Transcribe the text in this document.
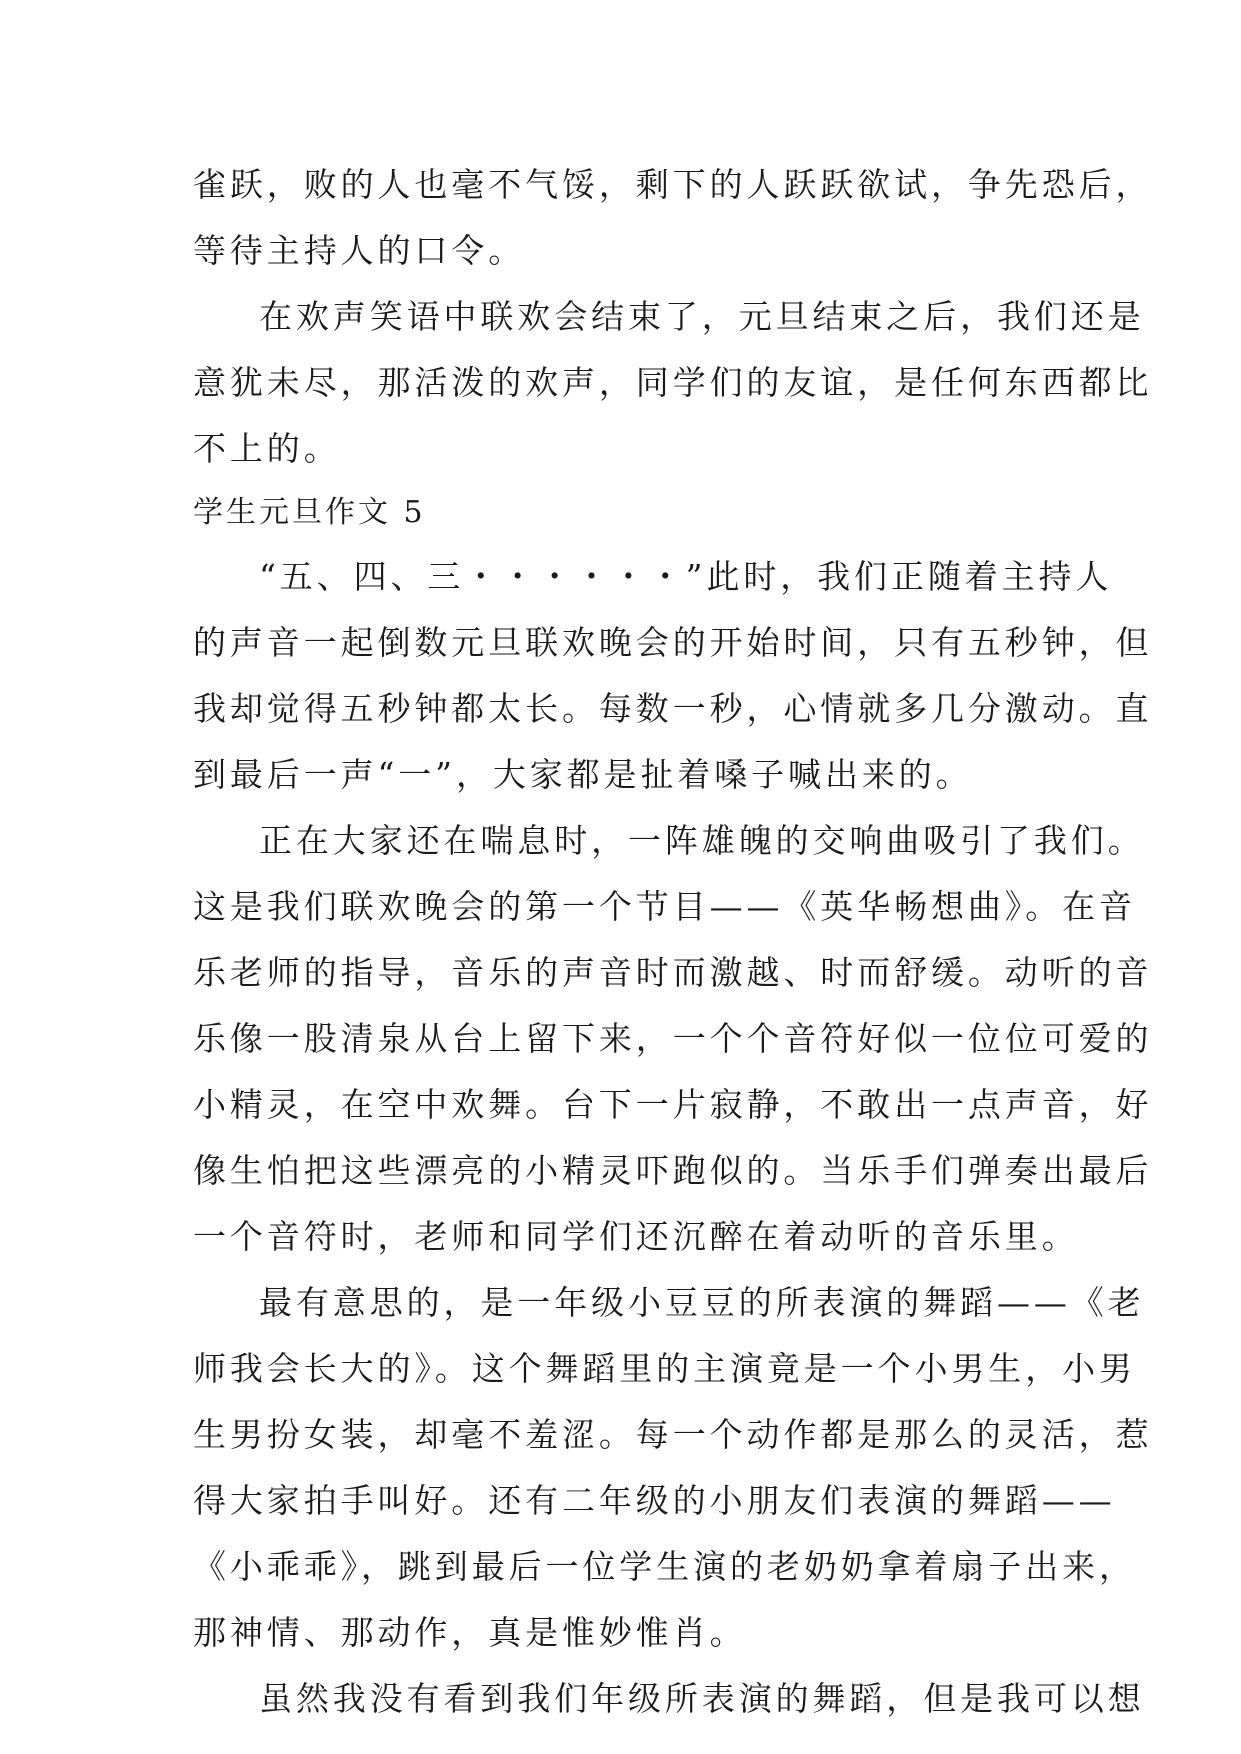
雀跃，败的人也毫不气馁，剩下的人跃跃欲试，争先恐后，
等待主持人的口令。
在欢声笑语中联欢会结束了，元旦结束之后，我们还是
意犹未尽，那活泼的欢声，同学们的友谊，是任何东西都比
不上的。
学生元旦作文 5
“五、四、三・・・・・・”此时，我们正随着主持人
的声音一起倒数元旦联欢晚会的开始时间，只有五秒钟，但
我却觉得五秒钟都太长。每数一秒，心情就多几分激动。直
到最后一声“一”，大家都是扯着嗓子喊出来的。
正在大家还在喘息时，一阵雄魄的交响曲吸引了我们。
这是我们联欢晚会的第一个节目——《英华畅想曲》。在音
乐老师的指导，音乐的声音时而激越、时而舒缓。动听的音
乐像一股清泉从台上留下来，一个个音符好似一位位可爱的
小精灵，在空中欢舞。台下一片寂静，不敢出一点声音，好
像生怕把这些漂亮的小精灵吓跑似的。当乐手们弹奏出最后
一个音符时，老师和同学们还沉醉在着动听的音乐里。
最有意思的，是一年级小豆豆的所表演的舞蹈——《老
师我会长大的》。这个舞蹈里的主演竟是一个小男生，小男
生男扮女装，却毫不羞涩。每一个动作都是那么的灵活，惹
得大家拍手叫好。还有二年级的小朋友们表演的舞蹈——
《小乖乖》，跳到最后一位学生演的老奶奶拿着扇子出来，
那神情、那动作，真是惟妙惟肖。
虽然我没有看到我们年级所表演的舞蹈，但是我可以想
